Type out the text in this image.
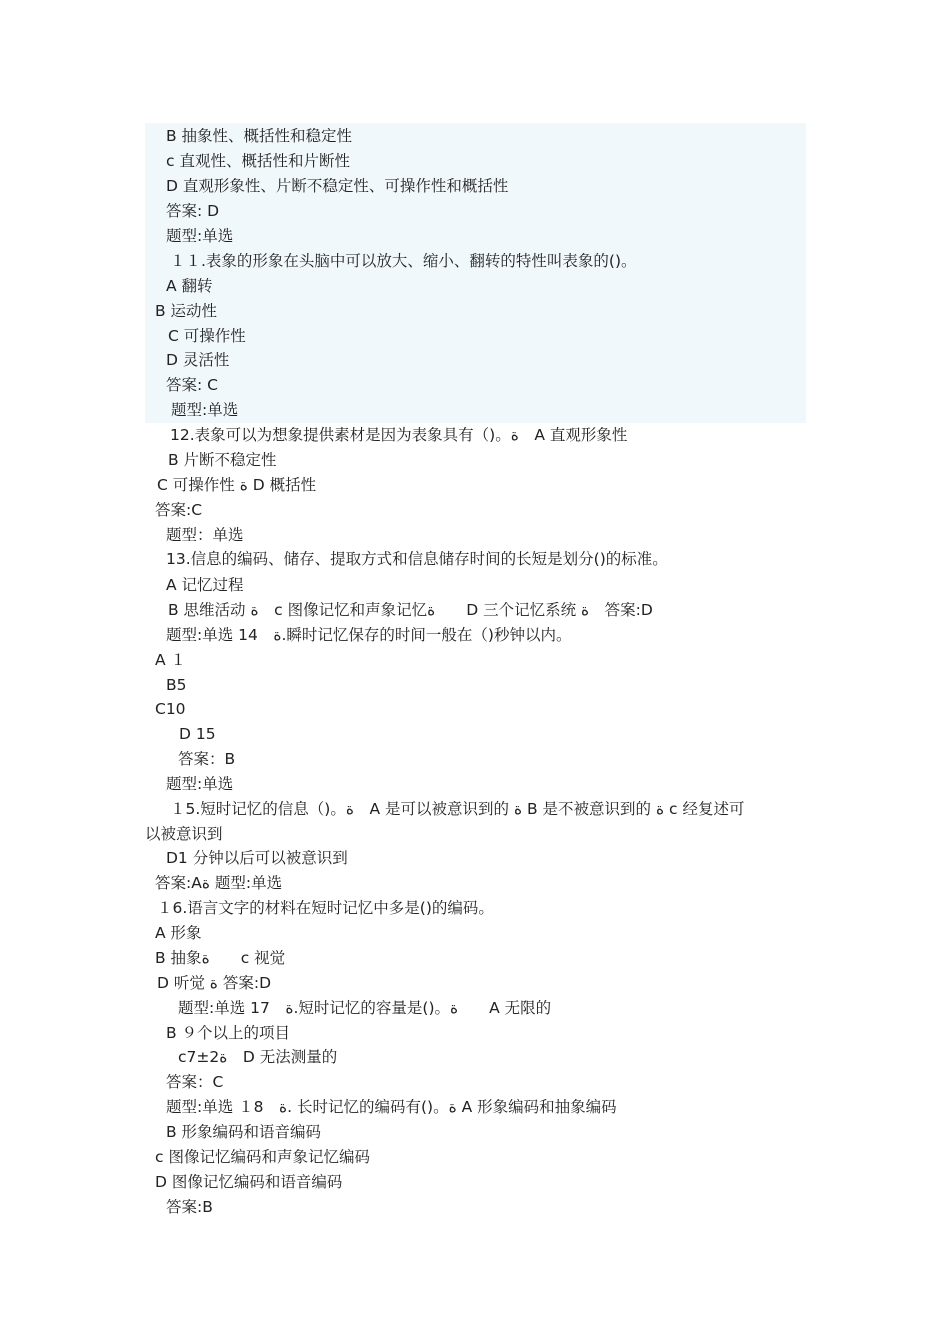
B 抽象性、概括性和稳定性
c 直观性、概括性和片断性
D 直观形象性、片断不稳定性、可操作性和概括性
答案: D
题型:单选
１１.表象的形象在头脑中可以放大、缩小、翻转的特性叫表象的()。
A 翻转
B 运动性
C 可操作性
D 灵活性
答案: C
题型:单选
12.表象可以为想象提供素材是因为表象具有（)。ة　A 直观形象性
B 片断不稳定性
C 可操作性 ة D 概括性
答案:C
题型：单选
13.信息的编码、储存、提取方式和信息储存时间的长短是划分()的标准。
A 记忆过程
B 思维活动 ة　c 图像记忆和声象记忆ة　　D 三个记忆系统 ة　答案:D
题型:单选 14　ة.瞬时记忆保存的时间一般在（)秒钟以内。
A １
B5
C10
D 15
答案：B
题型:单选
１5.短时记忆的信息（)。ة　A 是可以被意识到的 ة B 是不被意识到的 ة c 经复述可
以被意识到
D1 分钟以后可以被意识到
答案:Aة 题型:单选
１6.语言文字的材料在短时记忆中多是()的编码。
A 形象
B 抽象ة　　c 视觉
D 听觉 ة 答案:D
题型:单选 17　ة.短时记忆的容量是()。ة　　A 无限的
B ９个以上的项目
c7±2ة　D 无法测量的
答案：C
题型:单选 １8　ة. 长时记忆的编码有()。ة A 形象编码和抽象编码
B 形象编码和语音编码
c 图像记忆编码和声象记忆编码
D 图像记忆编码和语音编码
答案:B
